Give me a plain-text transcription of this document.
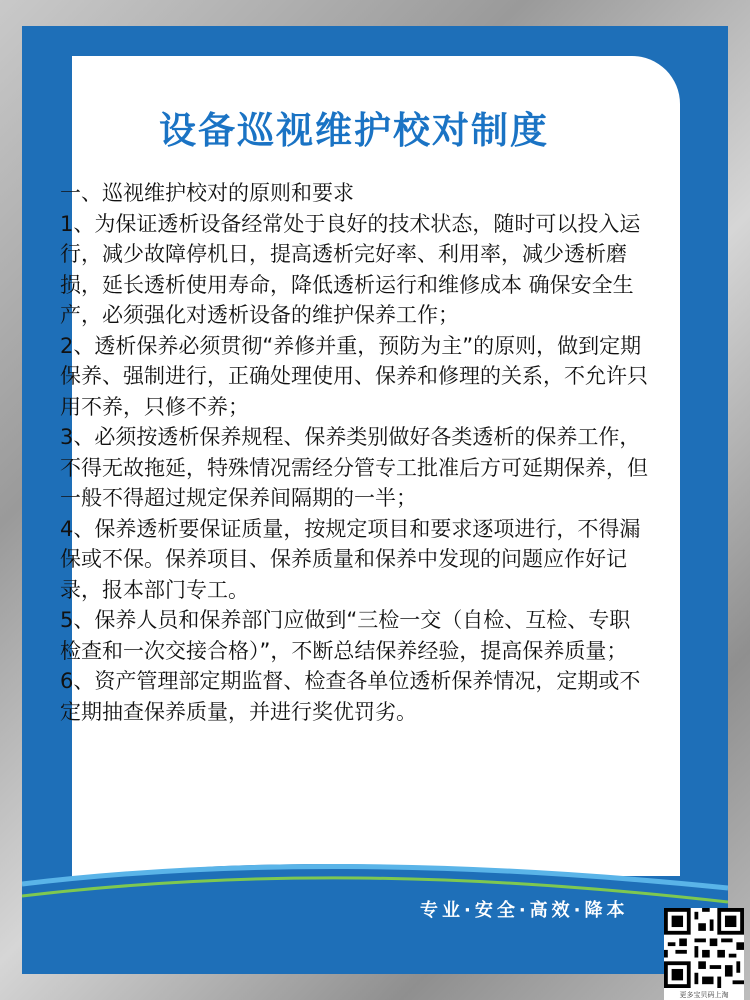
设备巡视维护校对制度

一、巡视维护校对的原则和要求

1、为保证透析设备经常处于良好的技术状态，随时可以投入运行，减少故障停机日，提高透析完好率、利用率，减少透析磨损，延长透析使用寿命，降低透析运行和维修成本 确保安全生产，必须强化对透析设备的维护保养工作；

2、透析保养必须贯彻“养修并重，预防为主”的原则，做到定期保养、强制进行，正确处理使用、保养和修理的关系，不允许只用不养，只修不养；

3、必须按透析保养规程、保养类别做好各类透析的保养工作，不得无故拖延，特殊情况需经分管专工批准后方可延期保养，但一般不得超过规定保养间隔期的一半；

4、保养透析要保证质量，按规定项目和要求逐项进行，不得漏保或不保。保养项目、保养质量和保养中发现的问题应作好记录，报本部门专工。

5、保养人员和保养部门应做到“三检一交（自检、互检、专职检查和一次交接合格）”，不断总结保养经验，提高保养质量；

6、资产管理部定期监督、检查各单位透析保养情况，定期或不定期抽查保养质量，并进行奖优罚劣。

专业·安全·高效·降本
更多宝贝码上淘
